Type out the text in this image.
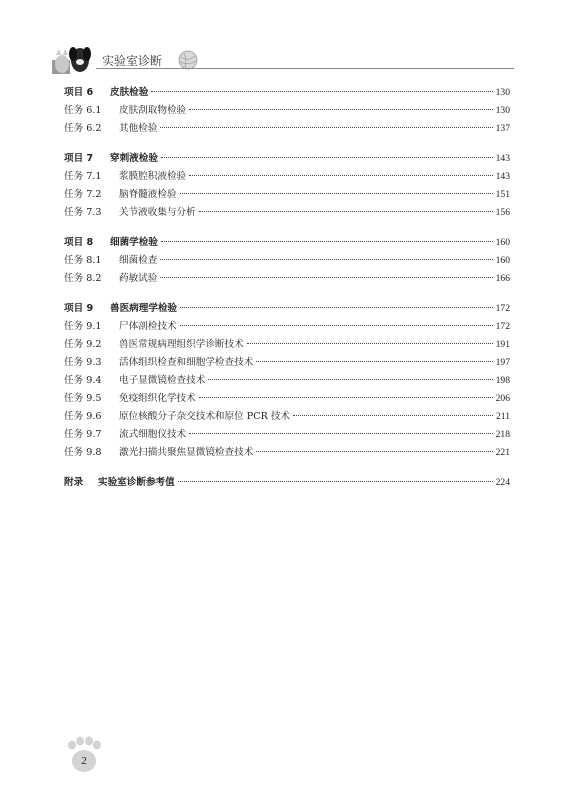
实验室诊断
项目 6	皮肤检验	130
任务 6.1	皮肤刮取物检验	130
任务 6.2	其他检验	137
项目 7	穿刺液检验	143
任务 7.1	浆膜腔积液检验	143
任务 7.2	脑脊髓液检验	151
任务 7.3	关节液收集与分析	156
项目 8	细菌学检验	160
任务 8.1	细菌检查	160
任务 8.2	药敏试验	166
项目 9	兽医病理学检验	172
任务 9.1	尸体剖检技术	172
任务 9.2	兽医常规病理组织学诊断技术	191
任务 9.3	活体组织检查和细胞学检查技术	197
任务 9.4	电子显微镜检查技术	198
任务 9.5	免疫组织化学技术	206
任务 9.6	原位核酸分子杂交技术和原位 PCR 技术	211
任务 9.7	流式细胞仪技术	218
任务 9.8	激光扫描共聚焦显微镜检查技术	221
附录	实验室诊断参考值	224
2
